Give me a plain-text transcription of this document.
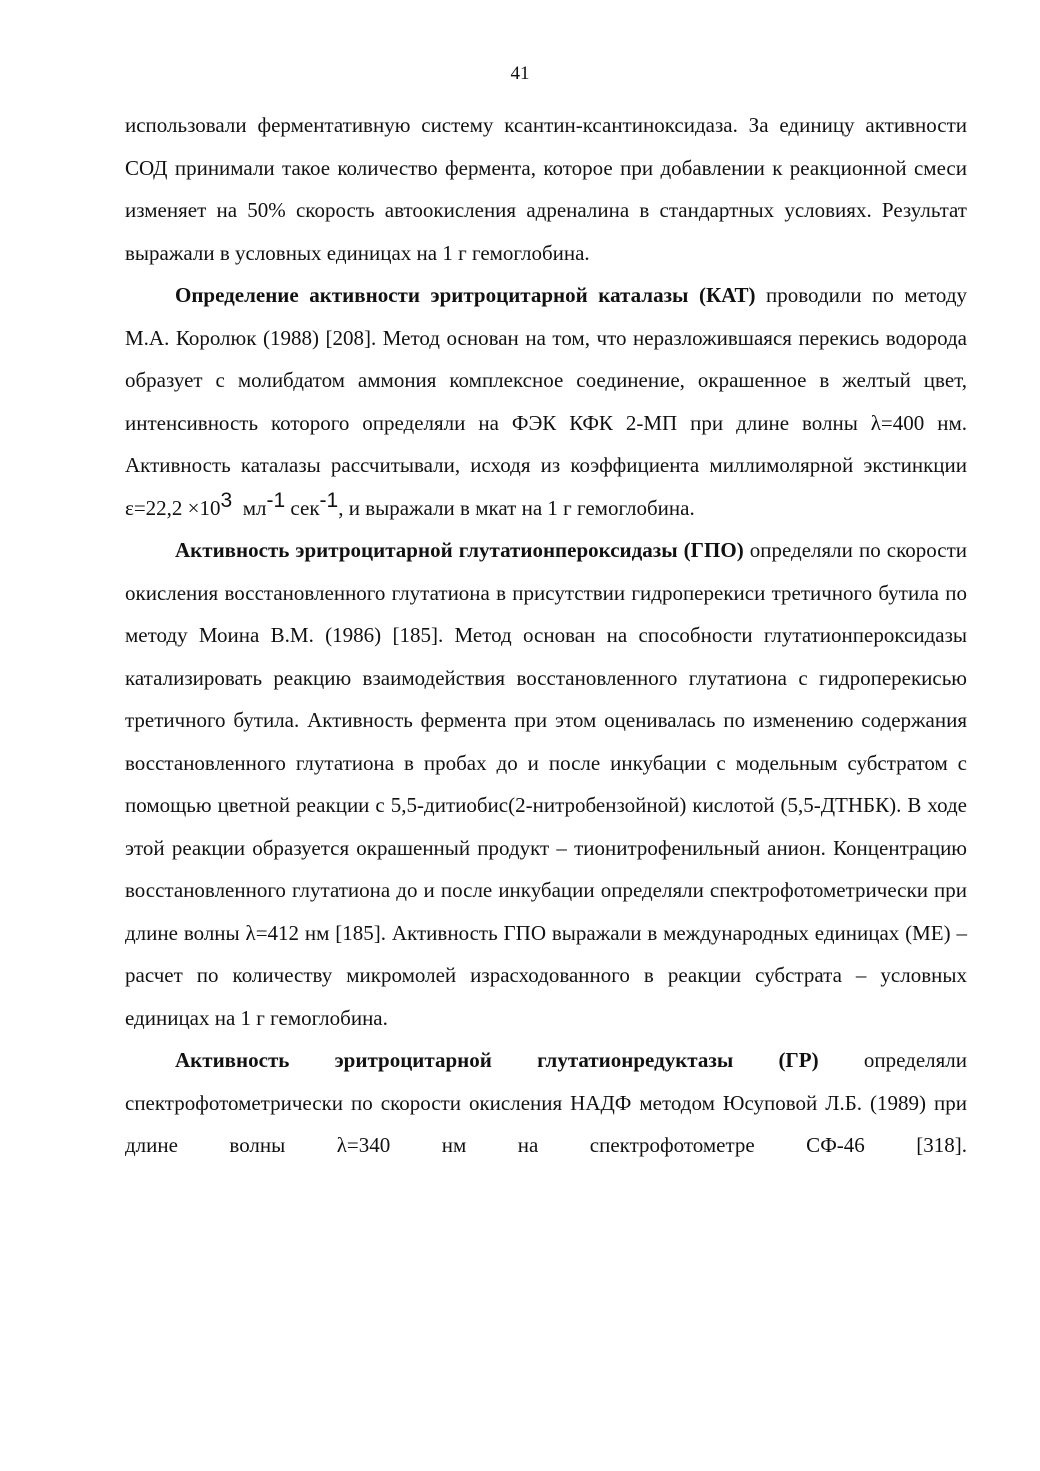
41

использовали ферментативную систему ксантин-ксантиноксидаза. За единицу активности СОД принимали такое количество фермента, которое при добавлении к реакционной смеси изменяет на 50% скорость автоокисления адреналина в стандартных условиях. Результат выражали в условных единицах на 1 г гемоглобина.

Определение активности эритроцитарной каталазы (КАТ) проводили по методу М.А. Королюк (1988) [208]. Метод основан на том, что неразложившаяся перекись водорода образует с молибдатом аммония комплексное соединение, окрашенное в желтый цвет, интенсивность которого определяли на ФЭК КФК 2-МП при длине волны λ=400 нм. Активность каталазы рассчитывали, исходя из коэффициента миллимолярной экстинкции ε=22,2 ×103  мл-1 сек-1, и выражали в мкат на 1 г гемоглобина.

Активность эритроцитарной глутатионпероксидазы (ГПО) определяли по скорости окисления восстановленного глутатиона в присутствии гидроперекиси третичного бутила по методу Моина В.М. (1986) [185]. Метод основан на способности глутатионпероксидазы катализировать реакцию взаимодействия восстановленного глутатиона с гидроперекисью третичного бутила. Активность фермента при этом оценивалась по изменению содержания восстановленного глутатиона в пробах до и после инкубации с модельным субстратом с помощью цветной реакции с 5,5-дитиобис(2-нитробензойной) кислотой (5,5-ДТНБК). В ходе этой реакции образуется окрашенный продукт – тионитрофенильный анион. Концентрацию восстановленного глутатиона до и после инкубации определяли спектрофотометрически при длине волны λ=412 нм [185]. Активность ГПО выражали в международных единицах (МЕ) – расчет по количеству микромолей израсходованного в реакции субстрата – условных единицах на 1 г гемоглобина.

Активность эритроцитарной глутатионредуктазы (ГР) определяли спектрофотометрически по скорости окисления НАДФ методом Юсуповой Л.Б. (1989) при длине волны λ=340 нм на спектрофотометре СФ-46 [318].
